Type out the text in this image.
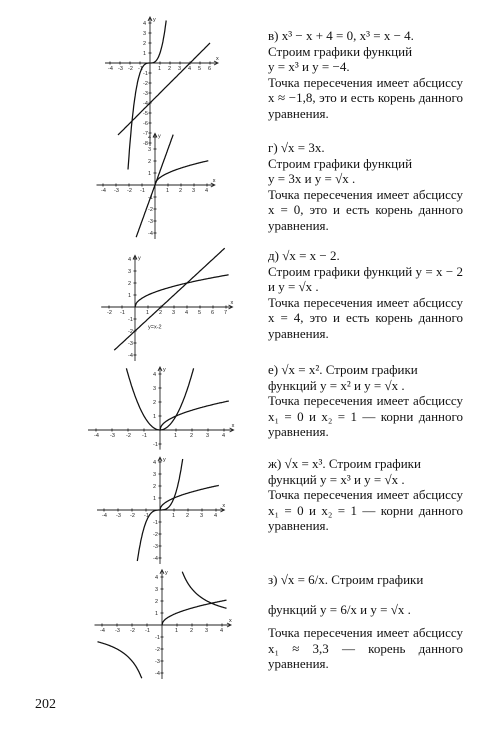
x
y
-4 -3 -2 -1	1 2 3 4 5 6
4
3
2
1
-1
-2
-3
-4
-5
-6
-7
-8
x
y
-4 -3 -2 -1	1 2 3 4
4
3
2
1
-1
-2
-3
-4
x
y
-2 -1	1 2 3 4 5 6 7
4
3
2
1
-1
-2
-3
-4
y=x-2
x
y
-4 -3 -2 -1	1 2 3 4
4
3
2
1
-1
x
y
-4 -3 -2 -1	1 2 3 4
4
3
2
1
-1
-2
-3
-4
x
y
-4 -3 -2 -1	1 2 3 4
4
3
2
1
-1
-2
-3
-4

в) x³ − x + 4 = 0, x³ = x − 4.

Строим графики функций

y = x³ и y = −4.

Точка пересечения имеет абсциссу x ≈ −1,8, это и есть корень данного уравнения.

г) √x = 3x.

Строим графики функций

y = 3x и y = √x .

Точка пересечения имеет абсциссу x = 0, это и есть корень данного уравнения.

д) √x = x − 2.

Строим графики функций y = x − 2 и y = √x .

Точка пересечения имеет абсциссу x = 4, это и есть корень данного уравнения.

е) √x = x². Строим графики

функций y = x² и y = √x .

Точка пересечения имеет абсциссу x₁ = 0 и x₂ = 1 — корни данного уравнения.

ж) √x = x³. Строим графики

функций y = x³ и y = √x .

Точка пересечения имеет абсциссу x₁ = 0 и x₂ = 1 — корни данного уравнения.

з) √x = 6/x. Строим графики

функций y = 6/x и y = √x .

Точка пересечения имеет абсциссу x₁ ≈ 3,3 — корень данного уравнения.

202
